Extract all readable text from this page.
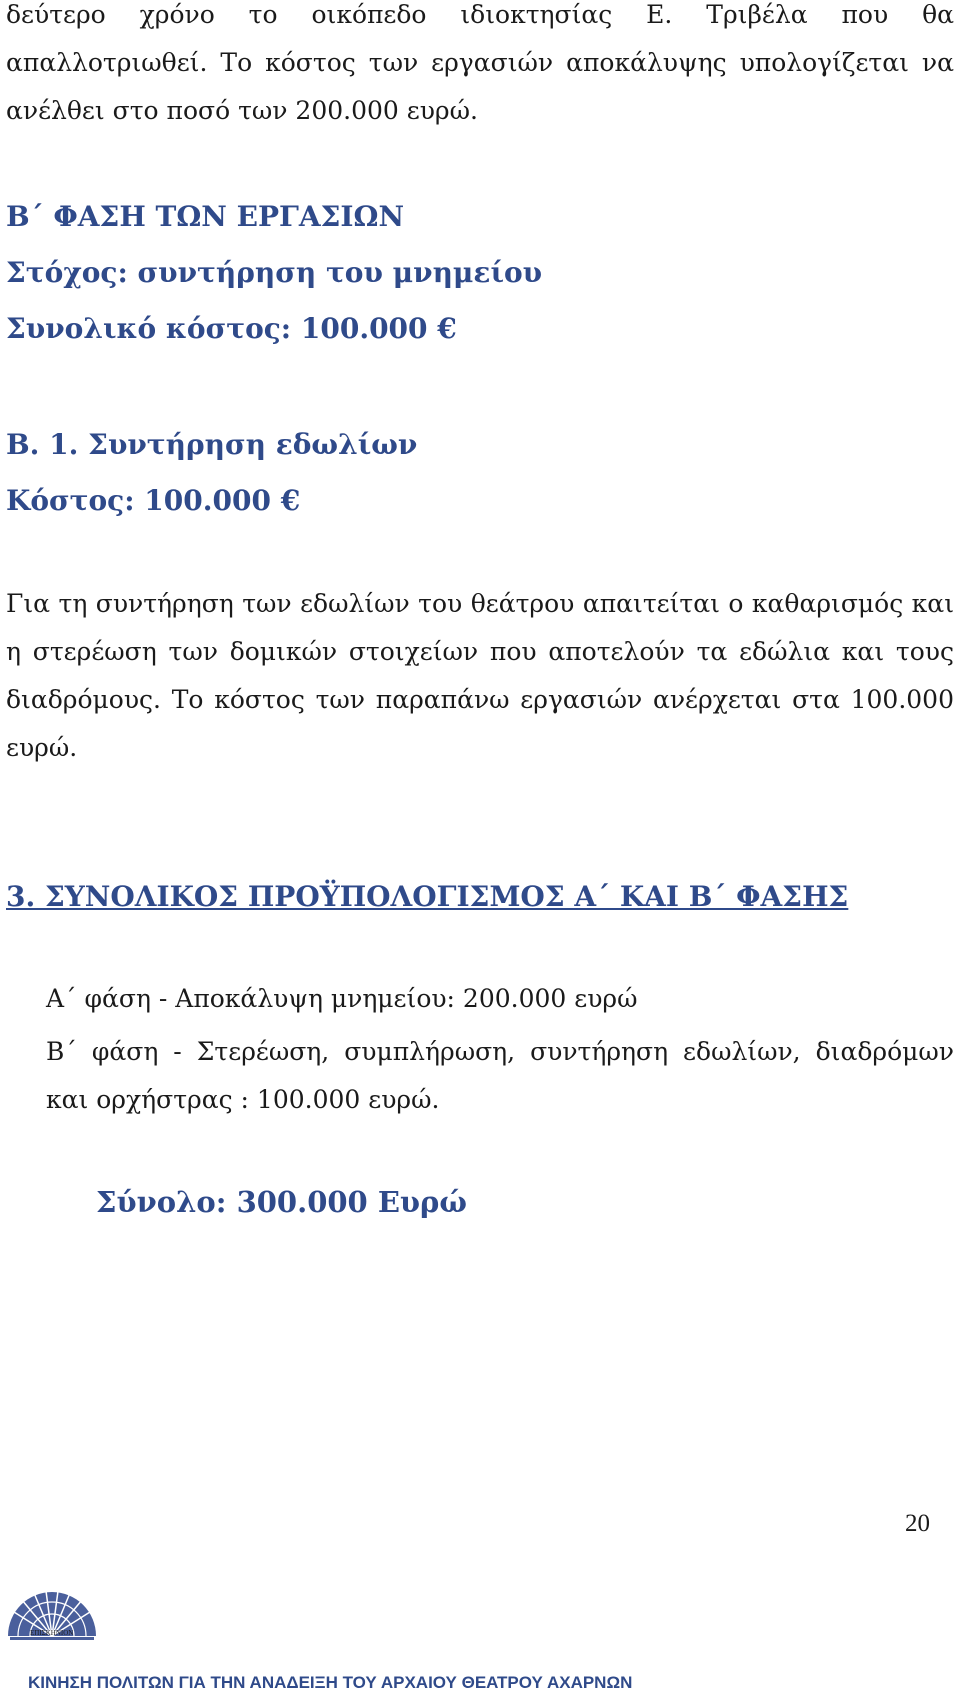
δεύτερο χρόνο το οικόπεδο ιδιοκτησίας Ε. Τριβέλα που θα
απαλλοτριωθεί. Το κόστος των εργασιών αποκάλυψης υπολογίζεται να
ανέλθει στο ποσό των 200.000 ευρώ.
Β΄ ΦΑΣΗ ΤΩΝ ΕΡΓΑΣΙΩΝ
Στόχος: συντήρηση του μνημείου
Συνολικό κόστος: 100.000 €
Β. 1. Συντήρηση εδωλίων
Κόστος: 100.000 €
Για τη συντήρηση των εδωλίων του θεάτρου απαιτείται ο καθαρισμός και
η στερέωση των δομικών στοιχείων που αποτελούν τα εδώλια και τους
διαδρόμους. Το κόστος των παραπάνω εργασιών ανέρχεται στα 100.000
ευρώ.
3. ΣΥΝΟΛΙΚΟΣ ΠΡΟΫΠΟΛΟΓΙΣΜΟΣ Α΄ ΚΑΙ Β΄ ΦΑΣΗΣ
Α΄ φάση - Αποκάλυψη μνημείου: 200.000 ευρώ
Β΄ φάση - Στερέωση, συμπλήρωση, συντήρηση εδωλίων, διαδρόμων
και ορχήστρας : 100.000 ευρώ.
Σύνολο: 300.000 Ευρώ
20
ΕΠΙΣΚΗΝΙΟΝ
ΚΙΝΗΣΗ ΠΟΛΙΤΩΝ ΓΙΑ ΤΗΝ ΑΝΑΔΕΙΞΗ ΤΟΥ ΑΡΧΑΙΟΥ ΘΕΑΤΡΟΥ ΑΧΑΡΝΩΝ
